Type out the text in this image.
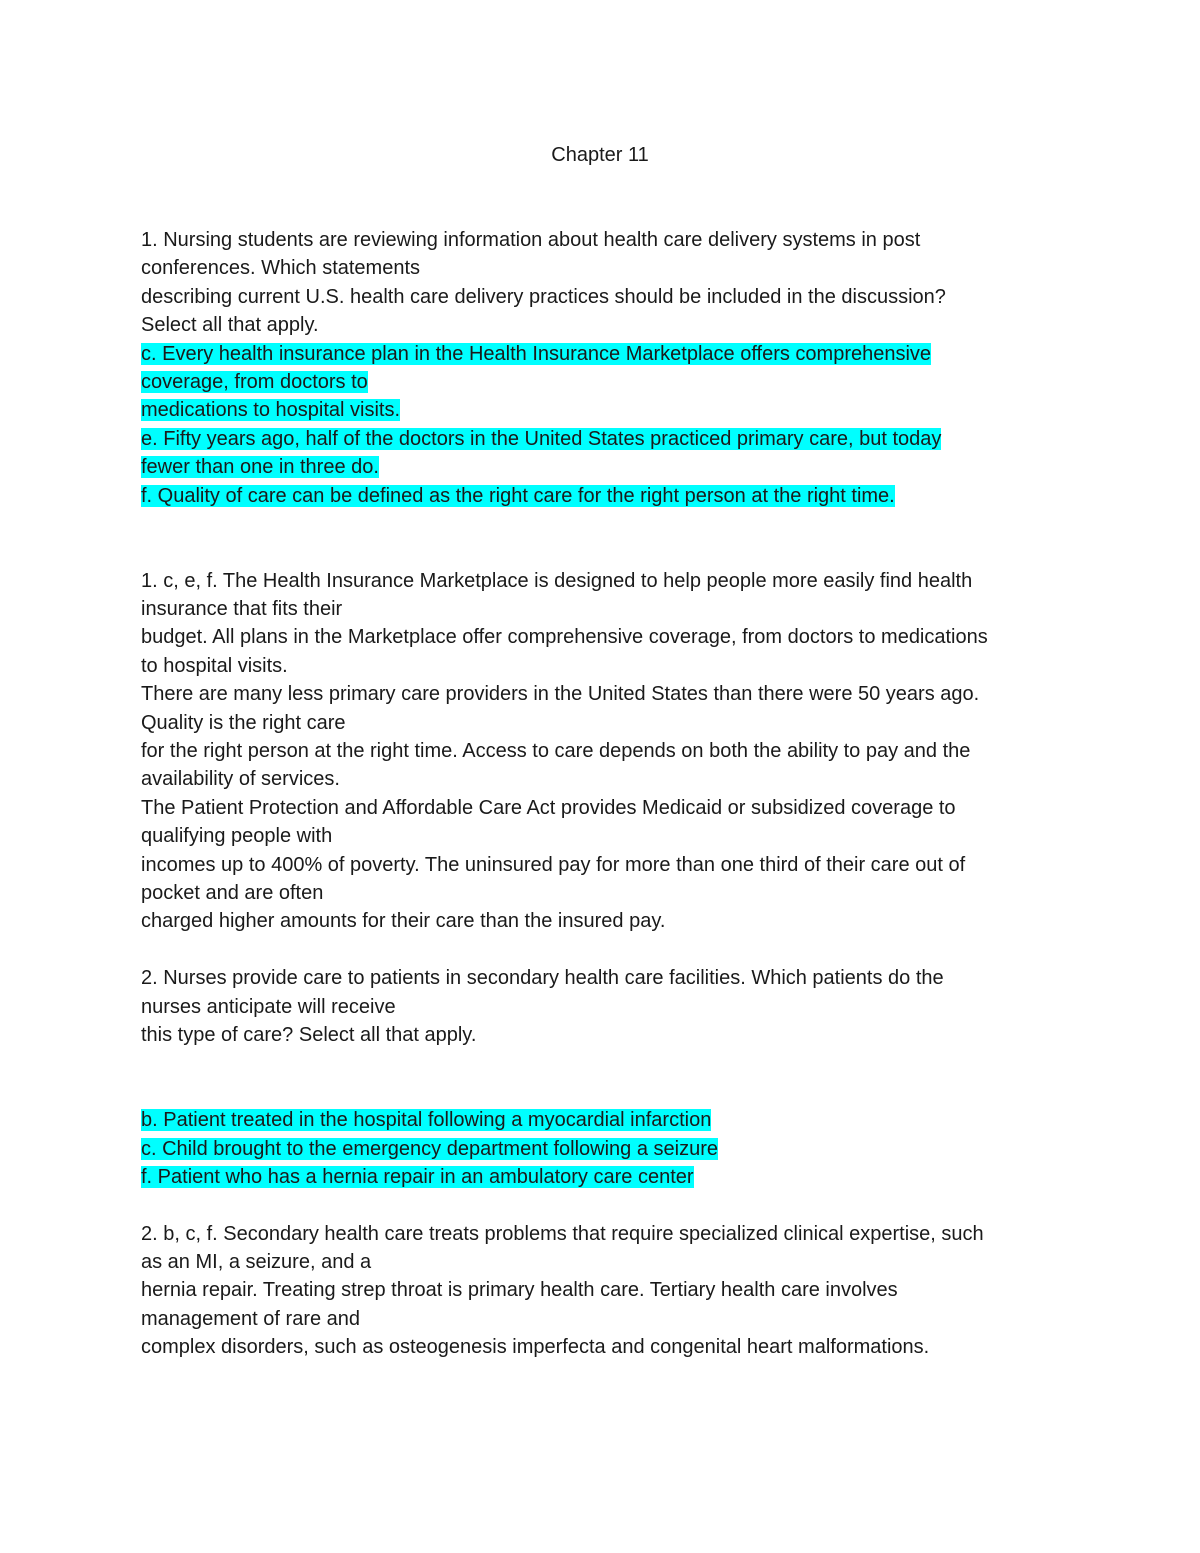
Chapter 11
1. Nursing students are reviewing information about health care delivery systems in post
conferences. Which statements
describing current U.S. health care delivery practices should be included in the discussion?
Select all that apply.
c. Every health insurance plan in the Health Insurance Marketplace offers comprehensive
coverage, from doctors to
medications to hospital visits.
e. Fifty years ago, half of the doctors in the United States practiced primary care, but today
fewer than one in three do.
f. Quality of care can be defined as the right care for the right person at the right time.
1. c, e, f. The Health Insurance Marketplace is designed to help people more easily find health
insurance that fits their
budget. All plans in the Marketplace offer comprehensive coverage, from doctors to medications
to hospital visits.
There are many less primary care providers in the United States than there were 50 years ago.
Quality is the right care
for the right person at the right time. Access to care depends on both the ability to pay and the
availability of services.
The Patient Protection and Affordable Care Act provides Medicaid or subsidized coverage to
qualifying people with
incomes up to 400% of poverty. The uninsured pay for more than one third of their care out of
pocket and are often
charged higher amounts for their care than the insured pay.
2. Nurses provide care to patients in secondary health care facilities. Which patients do the
nurses anticipate will receive
this type of care? Select all that apply.
b. Patient treated in the hospital following a myocardial infarction
c. Child brought to the emergency department following a seizure
f. Patient who has a hernia repair in an ambulatory care center
2. b, c, f. Secondary health care treats problems that require specialized clinical expertise, such
as an MI, a seizure, and a
hernia repair. Treating strep throat is primary health care. Tertiary health care involves
management of rare and
complex disorders, such as osteogenesis imperfecta and congenital heart malformations.
